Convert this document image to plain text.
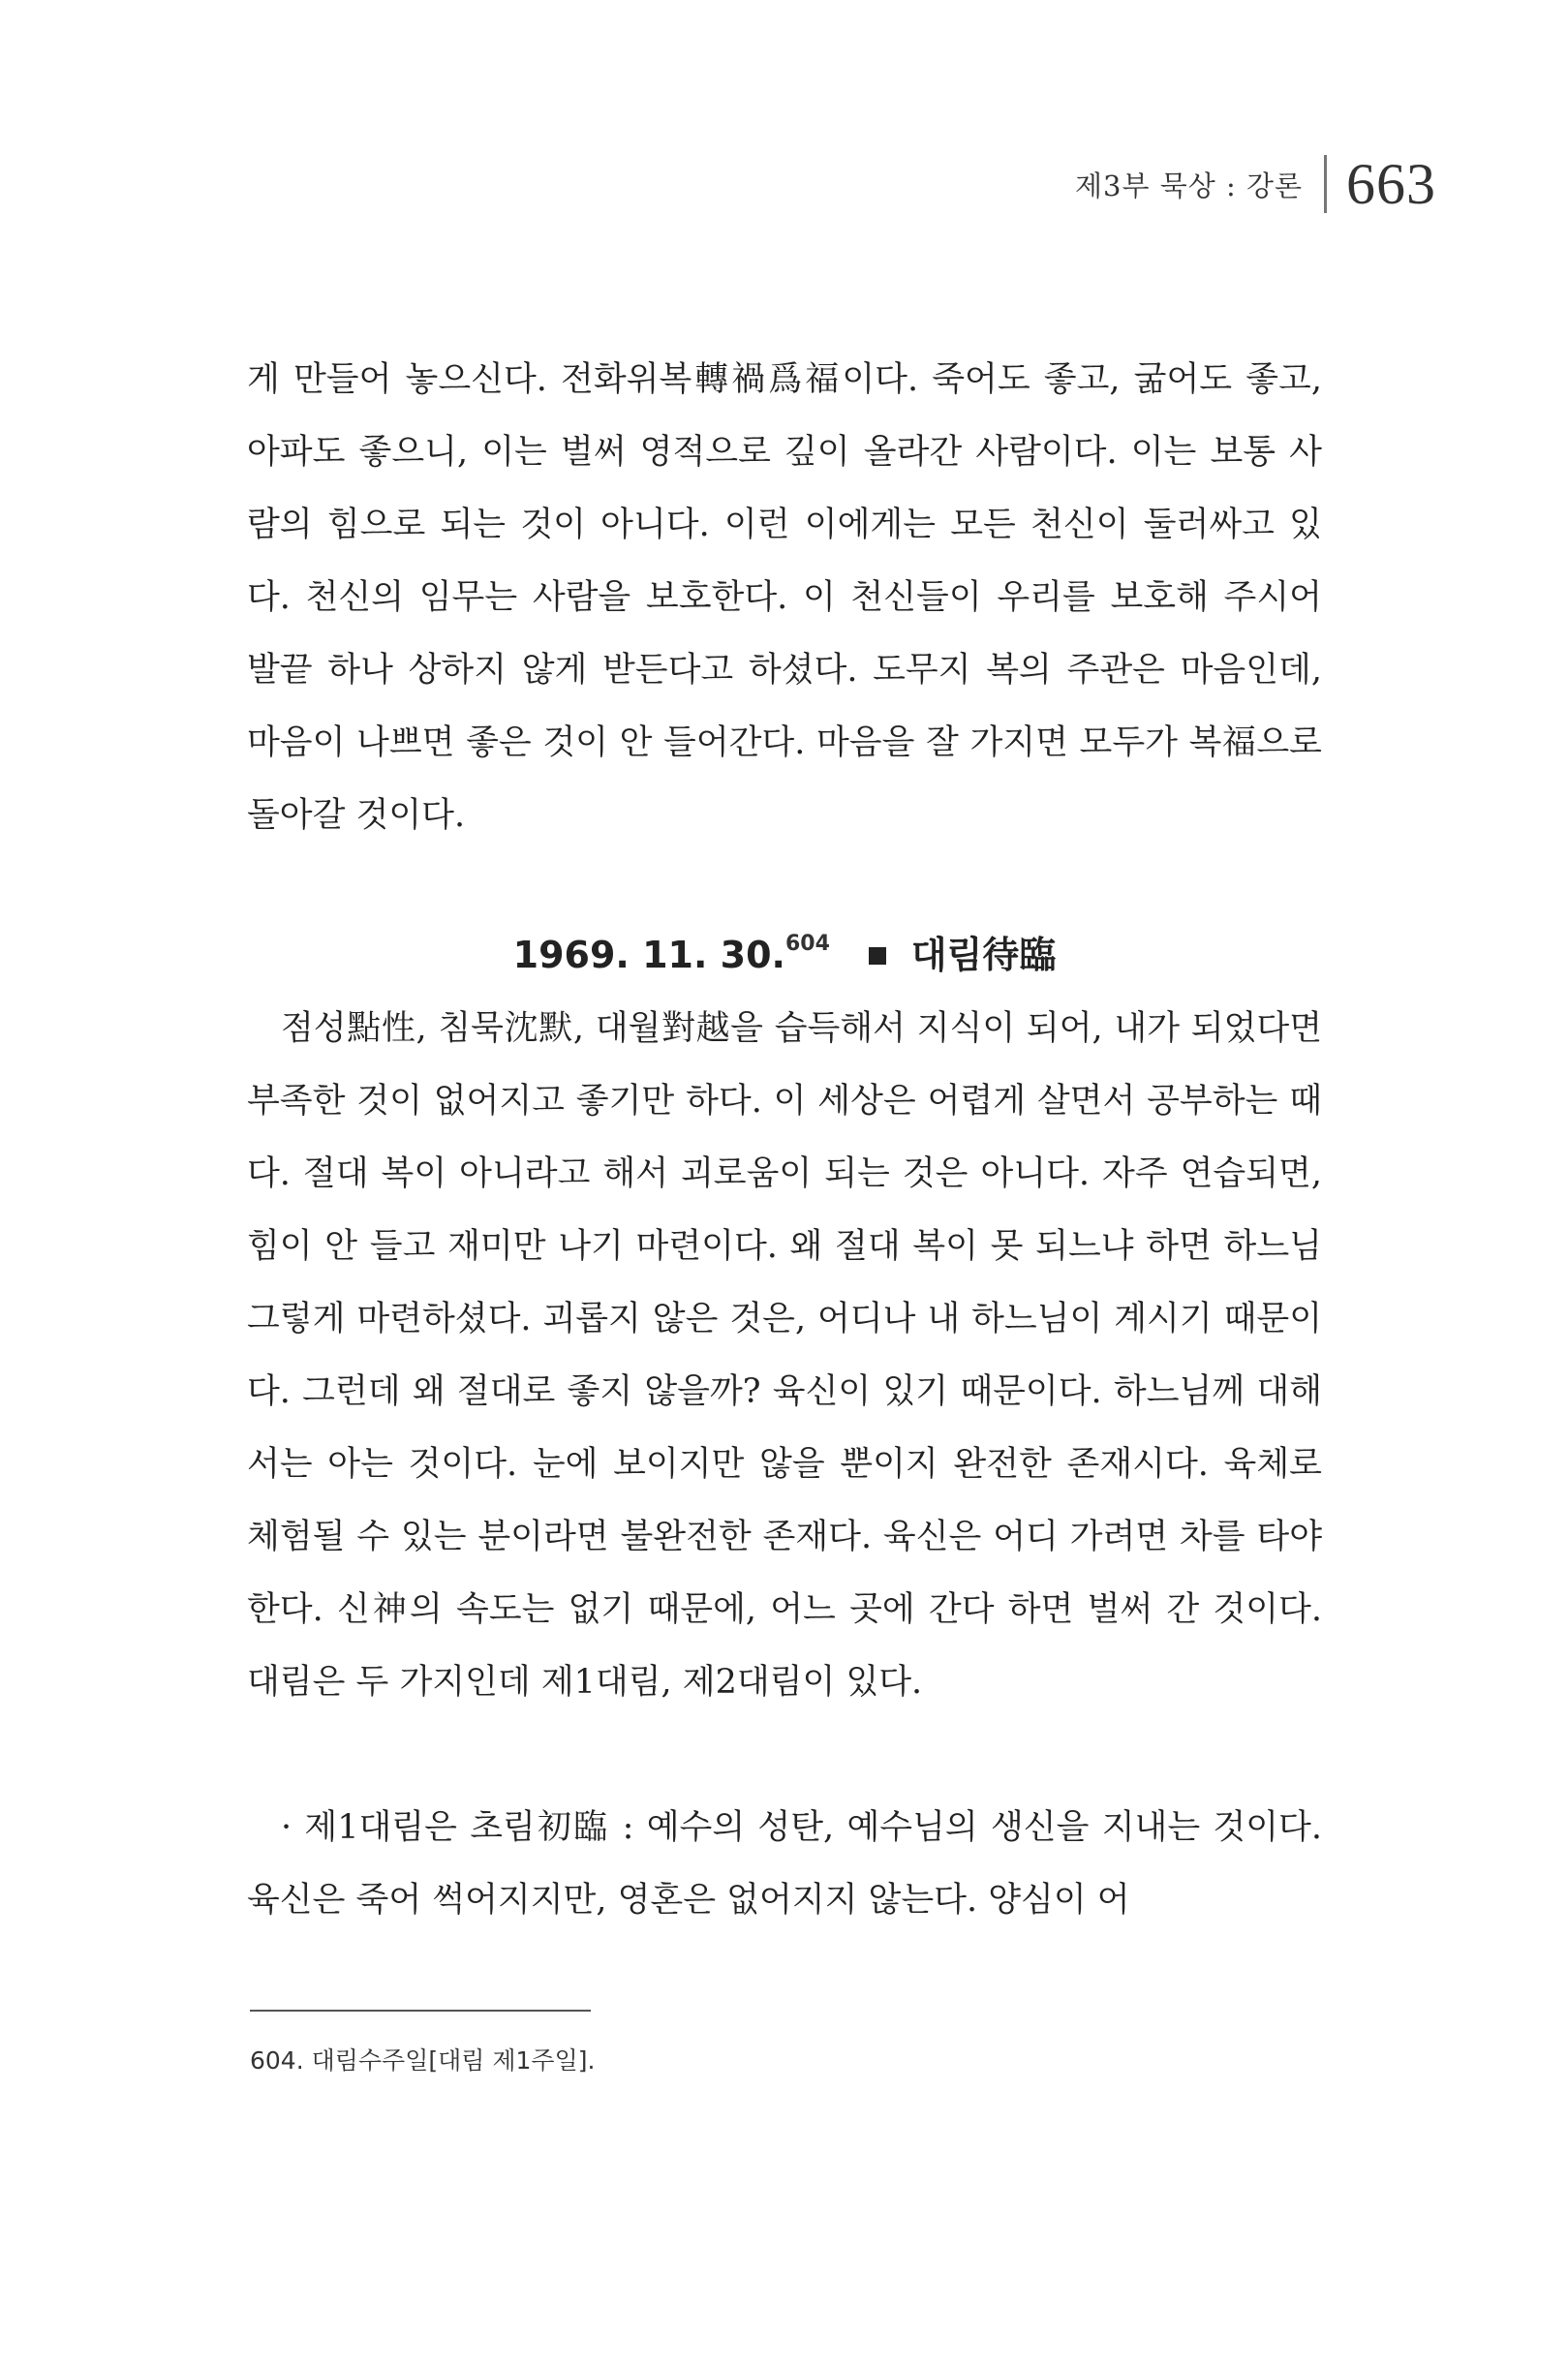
제3부 묵상 : 강론 663

게 만들어 놓으신다. 전화위복轉禍爲福이다. 죽어도 좋고, 굶어도 좋고, 아파도 좋으니, 이는 벌써 영적으로 깊이 올라간 사람이다. 이는 보통 사람의 힘으로 되는 것이 아니다. 이런 이에게는 모든 천신이 둘러싸고 있다. 천신의 임무는 사람을 보호한다. 이 천신들이 우리를 보호해 주시어 발끝 하나 상하지 않게 받든다고 하셨다. 도무지 복의 주관은 마음인데, 마음이 나쁘면 좋은 것이 안 들어간다. 마음을 잘 가지면 모두가 복福으로 돌아갈 것이다.

1969. 11. 30.$^{604}$ 대림待臨

점성點性, 침묵沈默, 대월對越을 습득해서 지식이 되어, 내가 되었다면 부족한 것이 없어지고 좋기만 하다. 이 세상은 어렵게 살면서 공부하는 때다. 절대 복이 아니라고 해서 괴로움이 되는 것은 아니다. 자주 연습되면, 힘이 안 들고 재미만 나기 마련이다. 왜 절대 복이 못 되느냐 하면 하느님 그렇게 마련하셨다. 괴롭지 않은 것은, 어디나 내 하느님이 계시기 때문이다. 그런데 왜 절대로 좋지 않을까? 육신이 있기 때문이다. 하느님께 대해서는 아는 것이다. 눈에 보이지만 않을 뿐이지 완전한 존재시다. 육체로 체험될 수 있는 분이라면 불완전한 존재다. 육신은 어디 가려면 차를 타야 한다. 신神의 속도는 없기 때문에, 어느 곳에 간다 하면 벌써 간 것이다. 대림은 두 가지인데 제1대림, 제2대림이 있다.

· 제1대림은 초림初臨 : 예수의 성탄, 예수님의 생신을 지내는 것이다. 육신은 죽어 썩어지지만, 영혼은 없어지지 않는다. 양심이 어

604. 대림수주일[대림 제1주일].
